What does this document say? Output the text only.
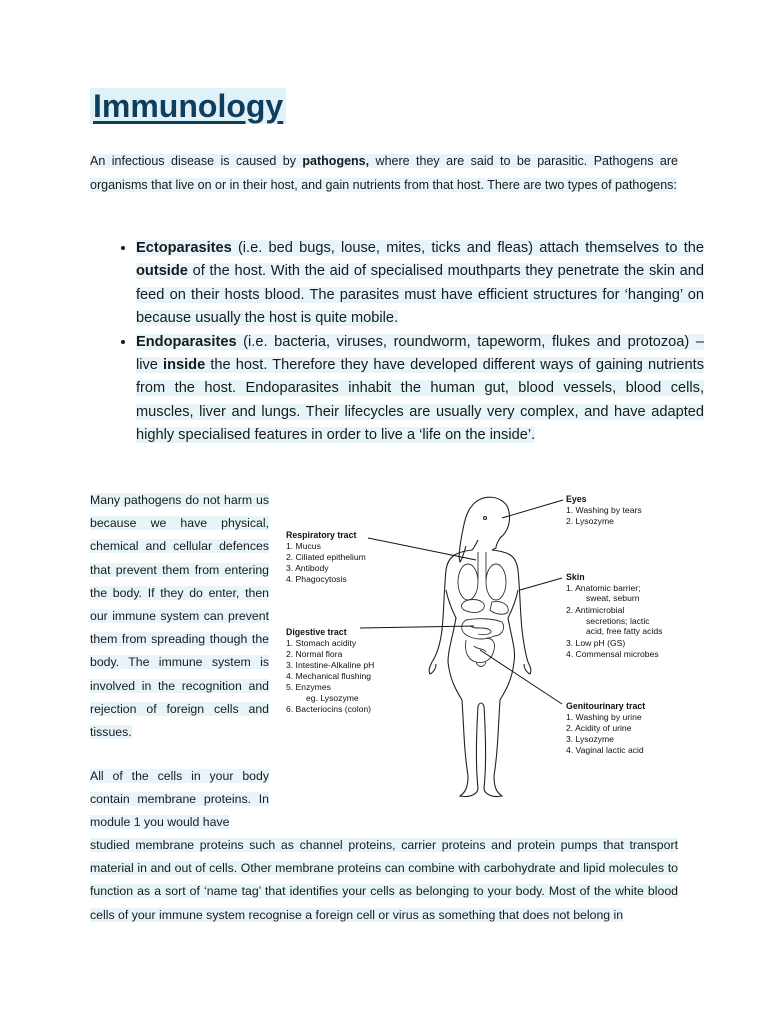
Immunology

An infectious disease is caused by pathogens, where they are said to be parasitic. Pathogens are organisms that live on or in their host, and gain nutrients from that host. There are two types of pathogens:

• Ectoparasites (i.e. bed bugs, louse, mites, ticks and fleas) attach themselves to the outside of the host. With the aid of specialised mouthparts they penetrate the skin and feed on their hosts blood. The parasites must have efficient structures for ‘hanging’ on because usually the host is quite mobile.
• Endoparasites (i.e. bacteria, viruses, roundworm, tapeworm, flukes and protozoa) – live inside the host. Therefore they have developed different ways of gaining nutrients from the host. Endoparasites inhabit the human gut, blood vessels, blood cells, muscles, liver and lungs. Their lifecycles are usually very complex, and have adapted highly specialised features in order to live a ‘life on the inside’.

Many pathogens do not harm us because we have physical, chemical and cellular defences that prevent them from entering the body. If they do enter, then our immune system can prevent them from spreading though the body. The immune system is involved in the recognition and rejection of foreign cells and tissues.

All of the cells in your body contain membrane proteins. In module 1 you would have

studied membrane proteins such as channel proteins, carrier proteins and protein pumps that transport material in and out of cells. Other membrane proteins can combine with carbohydrate and lipid molecules to function as a sort of ‘name tag’ that identifies your cells as belonging to your body. Most of the white blood cells of your immune system recognise a foreign cell or virus as something that does not belong in

Eyes
1. Washing by tears
2. Lysozyme
Respiratory tract
1. Mucus
2. Ciliated epithelium
3. Antibody
4. Phagocytosis	Skin
1. Anatomic barrier;
sweat, seburn
2. Antimicrobial
secretions; lactic
acid, free fatty acids
3. Low pH (GS)
4. Commensal microbes
Digestive tract
1. Stomach acidity
2. Normal flora
3. Intestine-Alkaline pH
4. Mechanical flushing
5. Enzymes
eg. Lysozyme
6. Bacteriocins (colon)	Genitourinary tract
1. Washing by urine
2. Acidity of urine
3. Lysozyme
4. Vaginal lactic acid
